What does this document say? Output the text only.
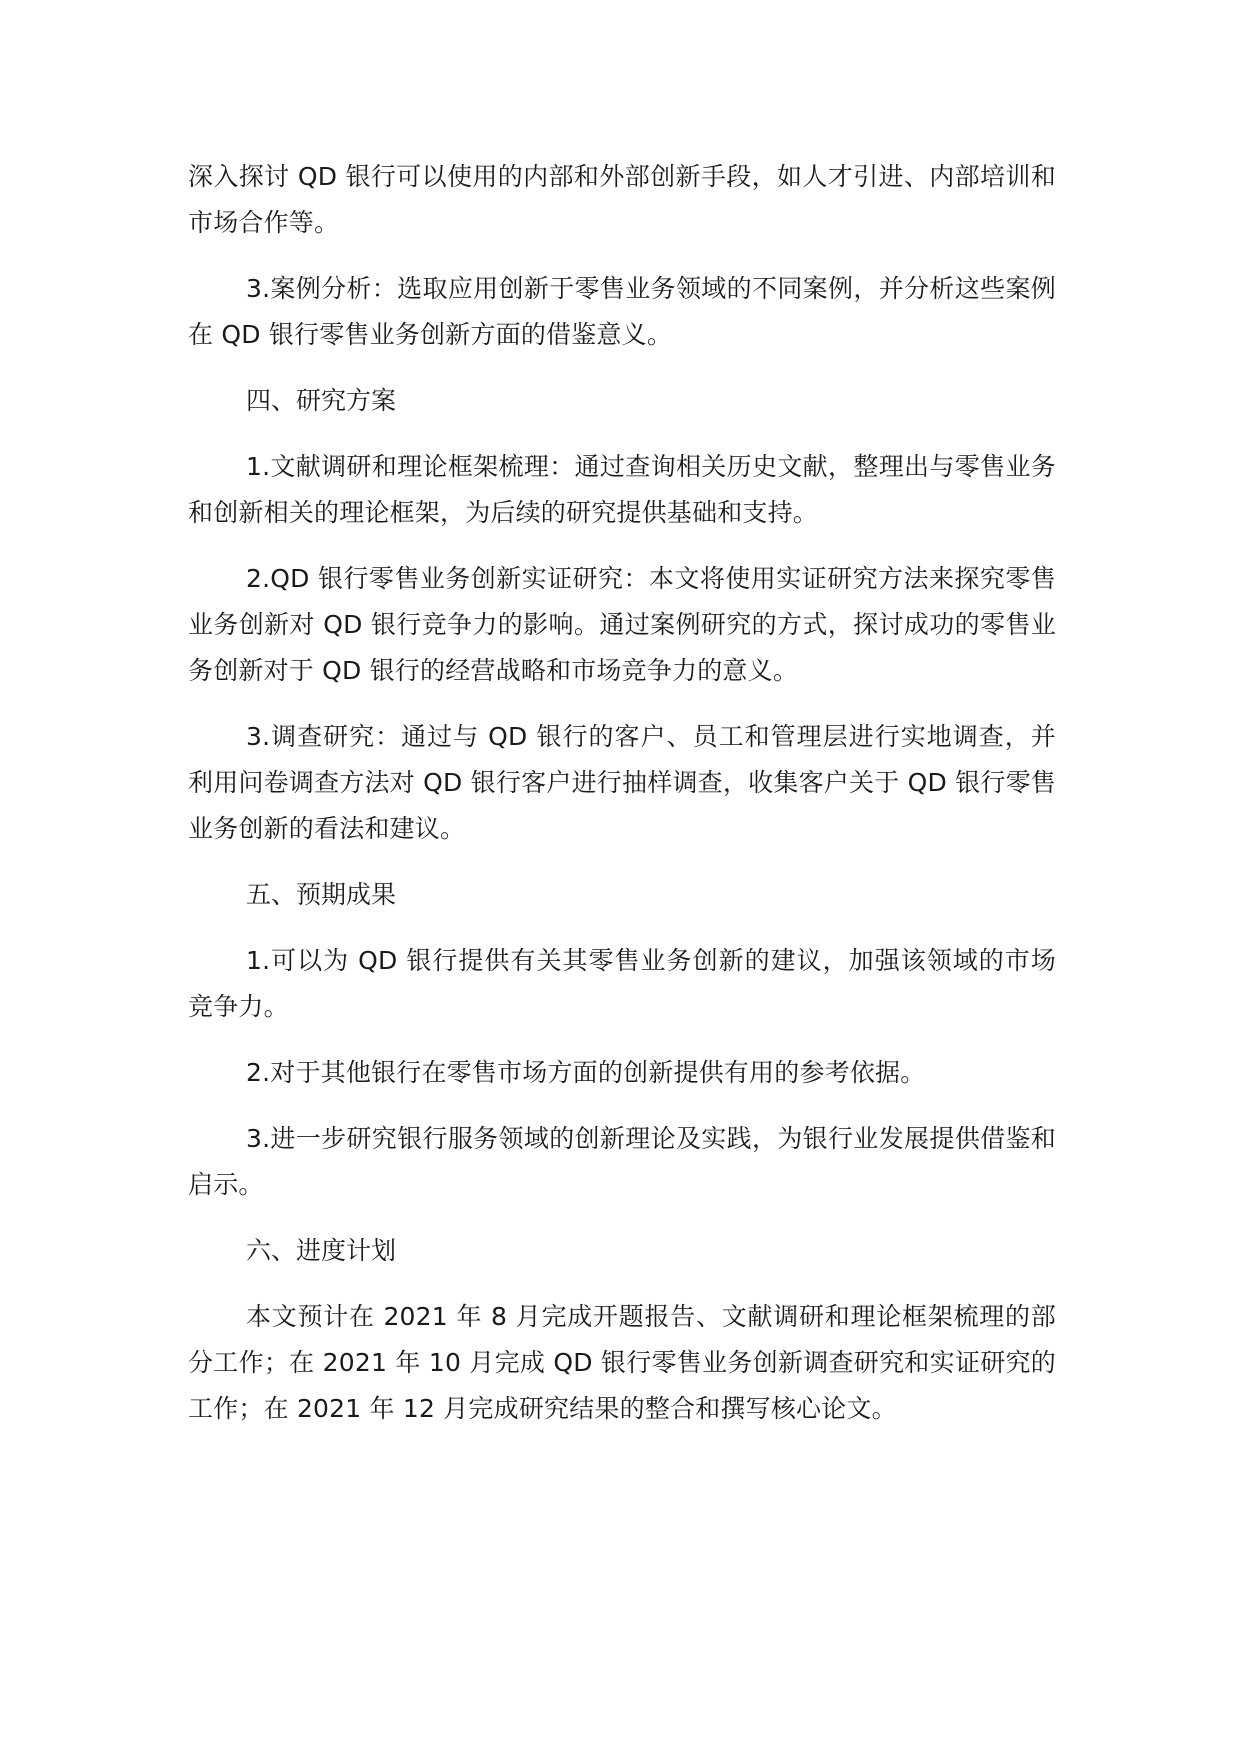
深入探讨 QD 银行可以使用的内部和外部创新手段，如人才引进、内部培训和市场合作等。

3.案例分析：选取应用创新于零售业务领域的不同案例，并分析这些案例在 QD 银行零售业务创新方面的借鉴意义。

四、研究方案

1.文献调研和理论框架梳理：通过查询相关历史文献，整理出与零售业务和创新相关的理论框架，为后续的研究提供基础和支持。

2.QD 银行零售业务创新实证研究：本文将使用实证研究方法来探究零售业务创新对 QD 银行竞争力的影响。通过案例研究的方式，探讨成功的零售业务创新对于 QD 银行的经营战略和市场竞争力的意义。

3.调查研究：通过与 QD 银行的客户、员工和管理层进行实地调查，并利用问卷调查方法对 QD 银行客户进行抽样调查，收集客户关于 QD 银行零售业务创新的看法和建议。

五、预期成果

1.可以为 QD 银行提供有关其零售业务创新的建议，加强该领域的市场竞争力。

2.对于其他银行在零售市场方面的创新提供有用的参考依据。

3.进一步研究银行服务领域的创新理论及实践，为银行业发展提供借鉴和启示。

六、进度计划

本文预计在 2021 年 8 月完成开题报告、文献调研和理论框架梳理的部分工作；在 2021 年 10 月完成 QD 银行零售业务创新调查研究和实证研究的工作；在 2021 年 12 月完成研究结果的整合和撰写核心论文。
